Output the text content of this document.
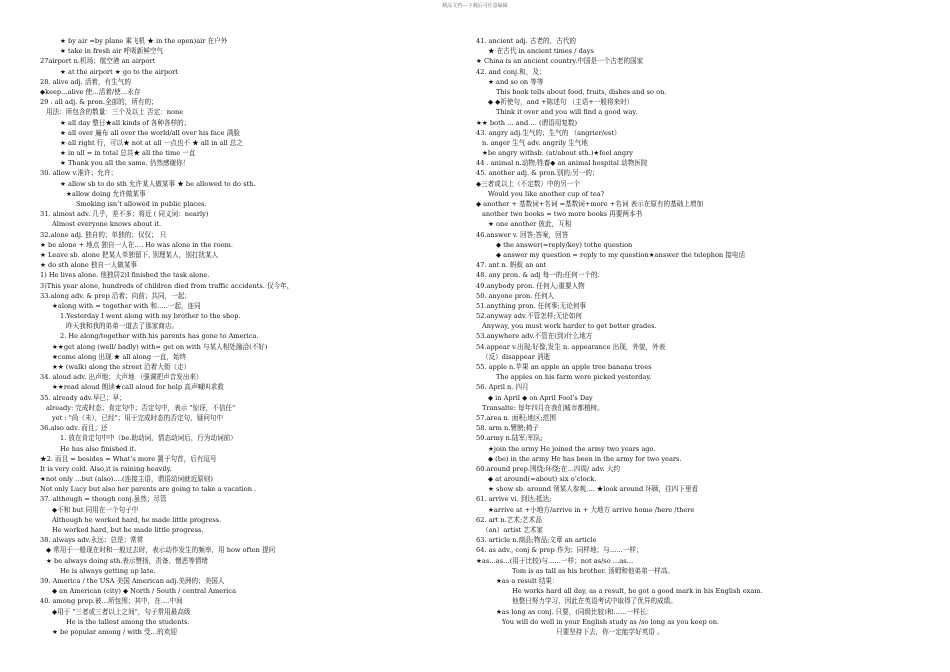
精品文档---下载后可任意编辑
★ by air =by plane 乘飞机 ★ in the open)air 在户外
★ take in fresh air 呼吸新鲜空气
27airport n.机场；航空港 an airport
★ at the airport ★ go to the airport
28. alive adj. 活着，有生气的
◆keep…alive 使…活着/使…永存
29 . all adj. & pron.全部的，所有的；
用法：所包含的数量：三个及以上 否定：none
★ all day 整日★all kinds of 各种各样的；
★ all over 遍布 all over the world/all over his face 满脸
★ all right 行，可以★ not at all 一点也不 ★ all in all 总之
★ in all = in total 总共★ all the time 一直
★ Thank you all the same. 仍然感谢你！
30. allow v.准许；允许；
★ allow sb to do sth 允许某人做某事 ★ be allowed to do sth.
★allow doing 允许做某事
Smoking isn’t allowed in public places.
31. almost adv. 几乎，差不多；将近 ( 同义词：nearly)
Almost everyone knows about it.
32.alone adj. 独自的；单独的；仅仅； 只
★ be alone + 地点 独自一人在…. He was alone in the room.
★ Leave sb. alone 把某人单独留下, 别理某人，别打扰某人
★ do sth alone 独自一人做某事
1) He lives alone. 他独居2)I finished the task alone.
3)This year alone, hundreds of children died from traffic accidents. 仅今年，
33.along adv. & prep 沿着；向前；共同，一起；
★along with = together with 和…..一起，连同
1.Yesterday I went along with my brother to the shop.
昨天我和我的弟弟一道去了那家商店。
2. He along/together with his parents has gone to America.
★★get along (well/ badly) with= get on with 与某人相处融洽(不好)
★come along 出现 ★ all along 一直，始终
★★ (walk) along the street 沿着大街（走）
34. aloud adv. 出声地；大声地 （强调把声音发出来）
★★read aloud 朗读★call aloud for help 高声喊叫求救
35. already adv.早已；早；
already: 完成时态；肯定句中；否定句中，表示 "惊讶，不信任"
yet : "尚（未），已经"；用于完成时态的否定句，疑问句中
36.also adv. 而且；还
1. 放在肯定句中中（be.助动词，情态动词后，行为动词前）
He has also finished it.
★2. 而且 = besides = What’s more 置于句首，后有逗号
It is very cold. Also,it is raining heavily.
★not only …but (also)….(连接主语，谓语动词就近原则)
Not only Lucy but also her parents are going to take a vacation .
37. although = though conj.虽然；尽管
◆不和 but 同用在一个句子中
Although he worked hard, he made little progress.
He worked hard, but he made little progress.
38. always adv.永远；总是；常常
◆ 常用于一般现在时和一般过去时，表示动作发生的频率，用 how often 提问
★ be always doing sth.表示赞扬，责备、憎恶等情绪
He is always getting up late.
39. America / the USA 美国 American adj.美洲的；美国人
◆ an American (city) ◆ North / South / central America
40. among prep.被…所包围；其中，在….中间
◆用于 "三者或三者以上之间"，句子常用最高级
He is the tallest among the students.
★ be popular among / with 受…的欢迎
41. ancient adj. 古老的，古代的
★ 在古代 in ancient times / days
★ China is an ancient country.中国是一个古老的国家
42. and conj.和，及；
★ and so on 等等
This book tells about food, fruits, dishes and so on.
◆ ◆祈使句，and +陈述句 （主语+一般将来时）
Think it over and you will find a good way.
★★ both … and … (谓语用复数)
43. angry adj.生气的；生气的 （angrier/est）
n. anger 生气 adv. angrily 生气地
★be angry withsb. (at/about sth.)★feel angry
44 . animal n.动物;牲畜◆ an animal hospital 动物医院
45. another adj. & pron.别的;另一的；
◆三者或以上（不定数）中的另一个
Would you like another cup of tea?
◆ another + 基数词+名词 =基数词+more +名词 表示在原有的基础上增加
another two books = two more books 再要两本书
★ one another 彼此，互相
46.answer v. 回答;答案，回答
◆ the answer(=reply/key) tothe question
◆ answer my question = reply to my question★answer the telephon 接电话
47. ant n. 蚂蚁 an ant
48. any pron. & adj 每一的;任何一个的.
49.anybody pron. 任何人;重要人物
50. anyone pron. 任何人
51.anything pron. 任何事;无论何事
52.anyway adv.不管怎样;无论如何
Anyway, you must work harder to get better grades.
53.anywhere adv.不管在(到)什么地方
54.appear v.出现;好像,发生 n. appearance 出现，外貌，外表
（反）disappear 消逝
55. apple n.苹果 an apple an apple tree banana trees
The apples on his farm were picked yesterday.
56. April n. 四月
◆ in April ◆ on April Fool’s Day
Transalte: 每年四月在我们城市都植树。
57.area n. 面积;地区;范围
58. arm n.臂膀;椅子
59.army n.陆军;军队;
★join the army He joined the army two years ago.
◆ (be) in the army He has been in the army for two years.
60.around prep.围绕;环绕;在…四周/ adv. 大约
◆ at around(=about) six o’clock.
★ show sb. around 领某人参观…. ★look around 环顾，往四下里看
61. arrive vi. 到达;抵达;
★arrive at +小地方/arrive in + 大地方 arrive home /here /there
62. art n.艺术;艺术品
（an）artist 艺术家
63. article n.商品;物品;文章 an article
64. as adv., conj & prep 作为；同样地；与……一样；
★as…as…(用于比较)与……一样；not as/so …as…
Tom is as tall as his brother. 汤姆和他弟弟一样高。
★as a result 结果：
He works hard all day, as a result, he got a good mark in his English exam.
他整日努力学习，因此在英语考试中取得了优异的成绩。
★as long as conj. 只要，(同级比较)和……一样长：
You will do well in your English study as /so long as you keep on.
只要坚持下去，你一定能学好英语 。
